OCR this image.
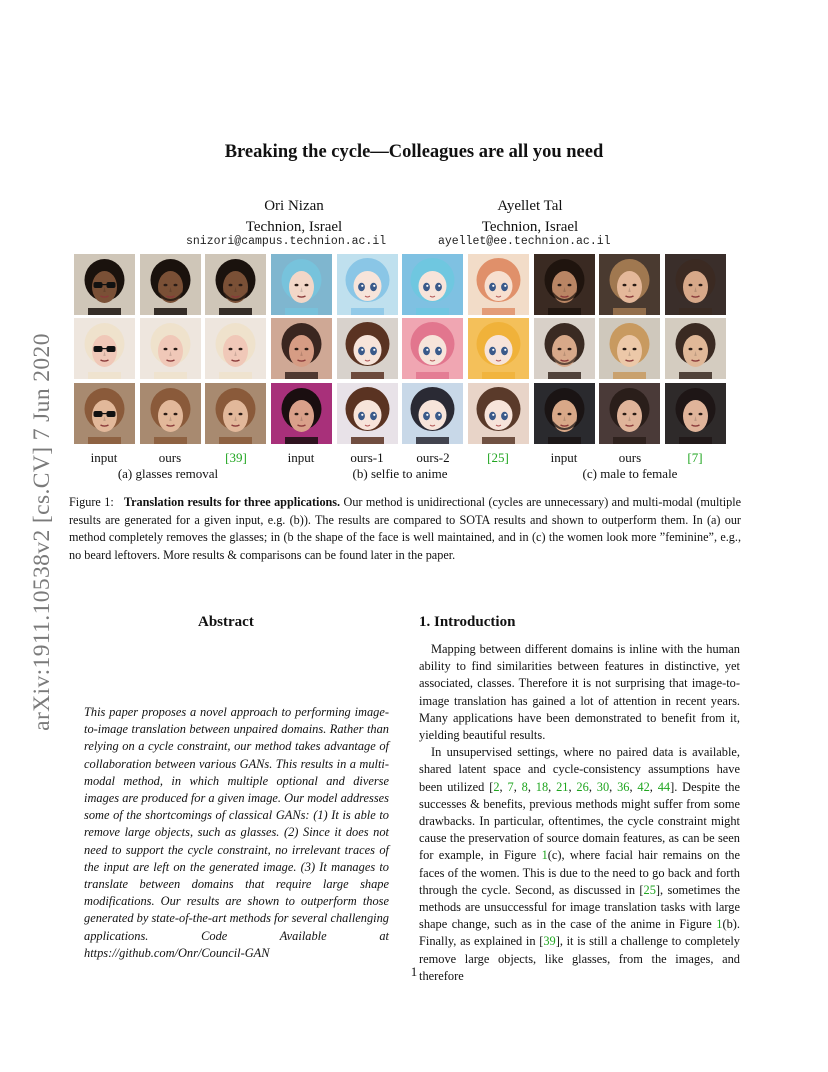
arXiv:1911.10538v2 [cs.CV] 7 Jun 2020
Breaking the cycle—Colleagues are all you need
Ori Nizan
Technion, Israel
snizori@campus.technion.ac.il
Ayellet Tal
Technion, Israel
ayellet@ee.technion.ac.il
input	ours	[39]	input	ours-1	ours-2	[25]	input	ours	[7]
(a) glasses removal	(b) selfie to anime	(c) male to female
Figure 1: Translation results for three applications. Our method is unidirectional (cycles are unnecessary) and multi-modal (multiple results are generated for a given input, e.g. (b)). The results are compared to SOTA results and shown to outperform them. In (a) our method completely removes the glasses; in (b the shape of the face is well maintained, and in (c) the women look more ”feminine”, e.g., no beard leftovers. More results & comparisons can be found later in the paper.
Abstract
This paper proposes a novel approach to performing image-to-image translation between unpaired domains. Rather than relying on a cycle constraint, our method takes advantage of collaboration between various GANs. This results in a multi-modal method, in which multiple optional and diverse images are produced for a given image. Our model addresses some of the shortcomings of classical GANs: (1) It is able to remove large objects, such as glasses. (2) Since it does not need to support the cycle constraint, no irrelevant traces of the input are left on the generated image. (3) It manages to translate between domains that require large shape modifications. Our results are shown to outperform those generated by state-of-the-art methods for several challenging applications. Code Available at https://github.com/Onr/Council-GAN
1. Introduction

Mapping between different domains is inline with the human ability to find similarities between features in distinctive, yet associated, classes. Therefore it is not surprising that image-to-image translation has gained a lot of attention in recent years. Many applications have been demonstrated to benefit from it, yielding beautiful results.

In unsupervised settings, where no paired data is available, shared latent space and cycle-consistency assumptions have been utilized [2, 7, 8, 18, 21, 26, 30, 36, 42, 44]. Despite the successes & benefits, previous methods might suffer from some drawbacks. In particular, oftentimes, the cycle constraint might cause the preservation of source domain features, as can be seen for example, in Figure 1(c), where facial hair remains on the faces of the women. This is due to the need to go back and forth through the cycle. Second, as discussed in [25], sometimes the methods are unsuccessful for image translation tasks with large shape change, such as in the case of the anime in Figure 1(b). Finally, as explained in [39], it is still a challenge to completely remove large objects, like glasses, from the images, and therefore

1
